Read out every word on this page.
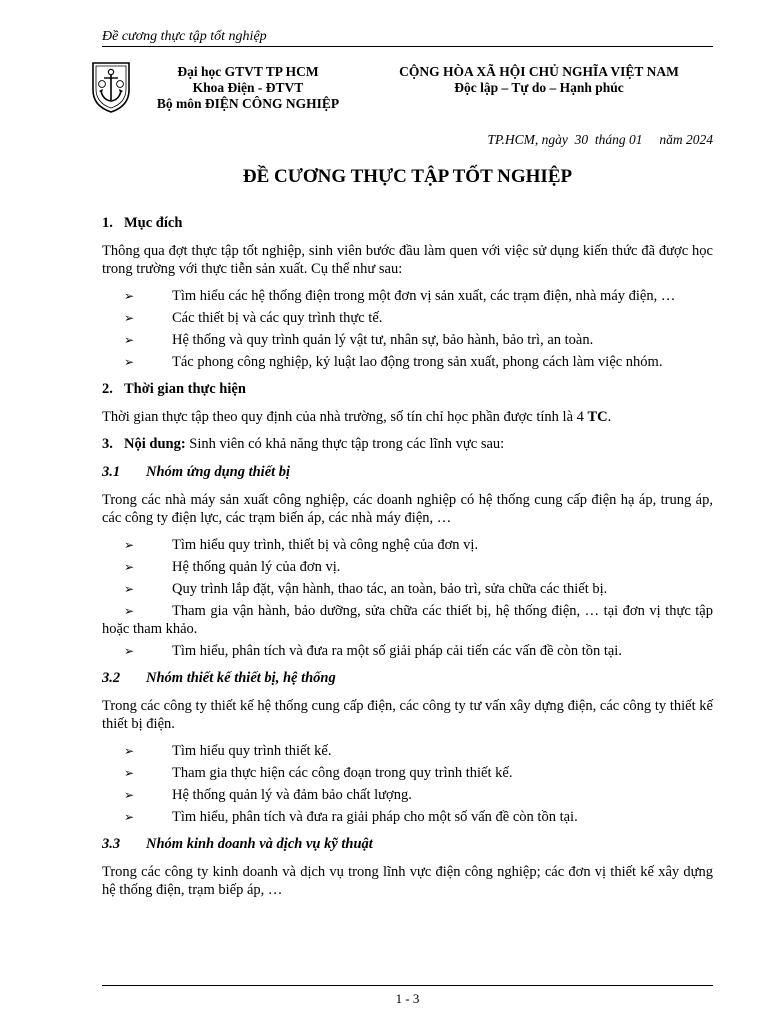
Đề cương thực tập tốt nghiệp
Đại học GTVT TP HCM
Khoa Điện - ĐTVT
Bộ môn ĐIỆN CÔNG NGHIỆP
CỘNG HÒA XÃ HỘI CHỦ NGHĨA VIỆT NAM
Độc lập – Tự do – Hạnh phúc
TP.HCM, ngày  30  tháng 01     năm 2024
ĐỀ CƯƠNG THỰC TẬP TỐT NGHIỆP
1. Mục đích

Thông qua đợt thực tập tốt nghiệp, sinh viên bước đầu làm quen với việc sử dụng kiến thức đã được học trong trường với thực tiễn sản xuất. Cụ thể như sau:

➢	Tìm hiểu các hệ thống điện trong một đơn vị sản xuất, các trạm điện, nhà máy điện, …
➢	Các thiết bị và các quy trình thực tế.
➢	Hệ thống và quy trình quản lý vật tư, nhân sự, bảo hành, bảo trì, an toàn.
➢	Tác phong công nghiệp, kỷ luật lao động trong sản xuất, phong cách làm việc nhóm.
2. Thời gian thực hiện

Thời gian thực tập theo quy định của nhà trường, số tín chỉ học phần được tính là 4 TC.

3. Nội dung: Sinh viên có khả năng thực tập trong các lĩnh vực sau:
3.1 Nhóm ứng dụng thiết bị

Trong các nhà máy sản xuất công nghiệp, các doanh nghiệp có hệ thống cung cấp điện hạ áp, trung áp, các công ty điện lực, các trạm biến áp, các nhà máy điện, …

➢	Tìm hiểu quy trình, thiết bị và công nghệ của đơn vị.
➢	Hệ thống quản lý của đơn vị.
➢	Quy trình lắp đặt, vận hành, thao tác, an toàn, bảo trì, sửa chữa các thiết bị.
➢	Tham gia vận hành, bảo dưỡng, sửa chữa các thiết bị, hệ thống điện, … tại đơn vị thực tập hoặc tham khảo.
➢	Tìm hiểu, phân tích và đưa ra một số giải pháp cải tiến các vấn đề còn tồn tại.
3.2 Nhóm thiết kế thiết bị, hệ thống

Trong các công ty thiết kế hệ thống cung cấp điện, các công ty tư vấn xây dựng điện, các công ty thiết kế thiết bị điện.

➢	Tìm hiểu quy trình thiết kế.
➢	Tham gia thực hiện các công đoạn trong quy trình thiết kế.
➢	Hệ thống quản lý và đảm bảo chất lượng.
➢	Tìm hiểu, phân tích và đưa ra giải pháp cho một số vấn đề còn tồn tại.
3.3 Nhóm kinh doanh và dịch vụ kỹ thuật

Trong các công ty kinh doanh và dịch vụ trong lĩnh vực điện công nghiệp; các đơn vị thiết kế xây dựng hệ thống điện, trạm biếp áp, …

1 - 3
